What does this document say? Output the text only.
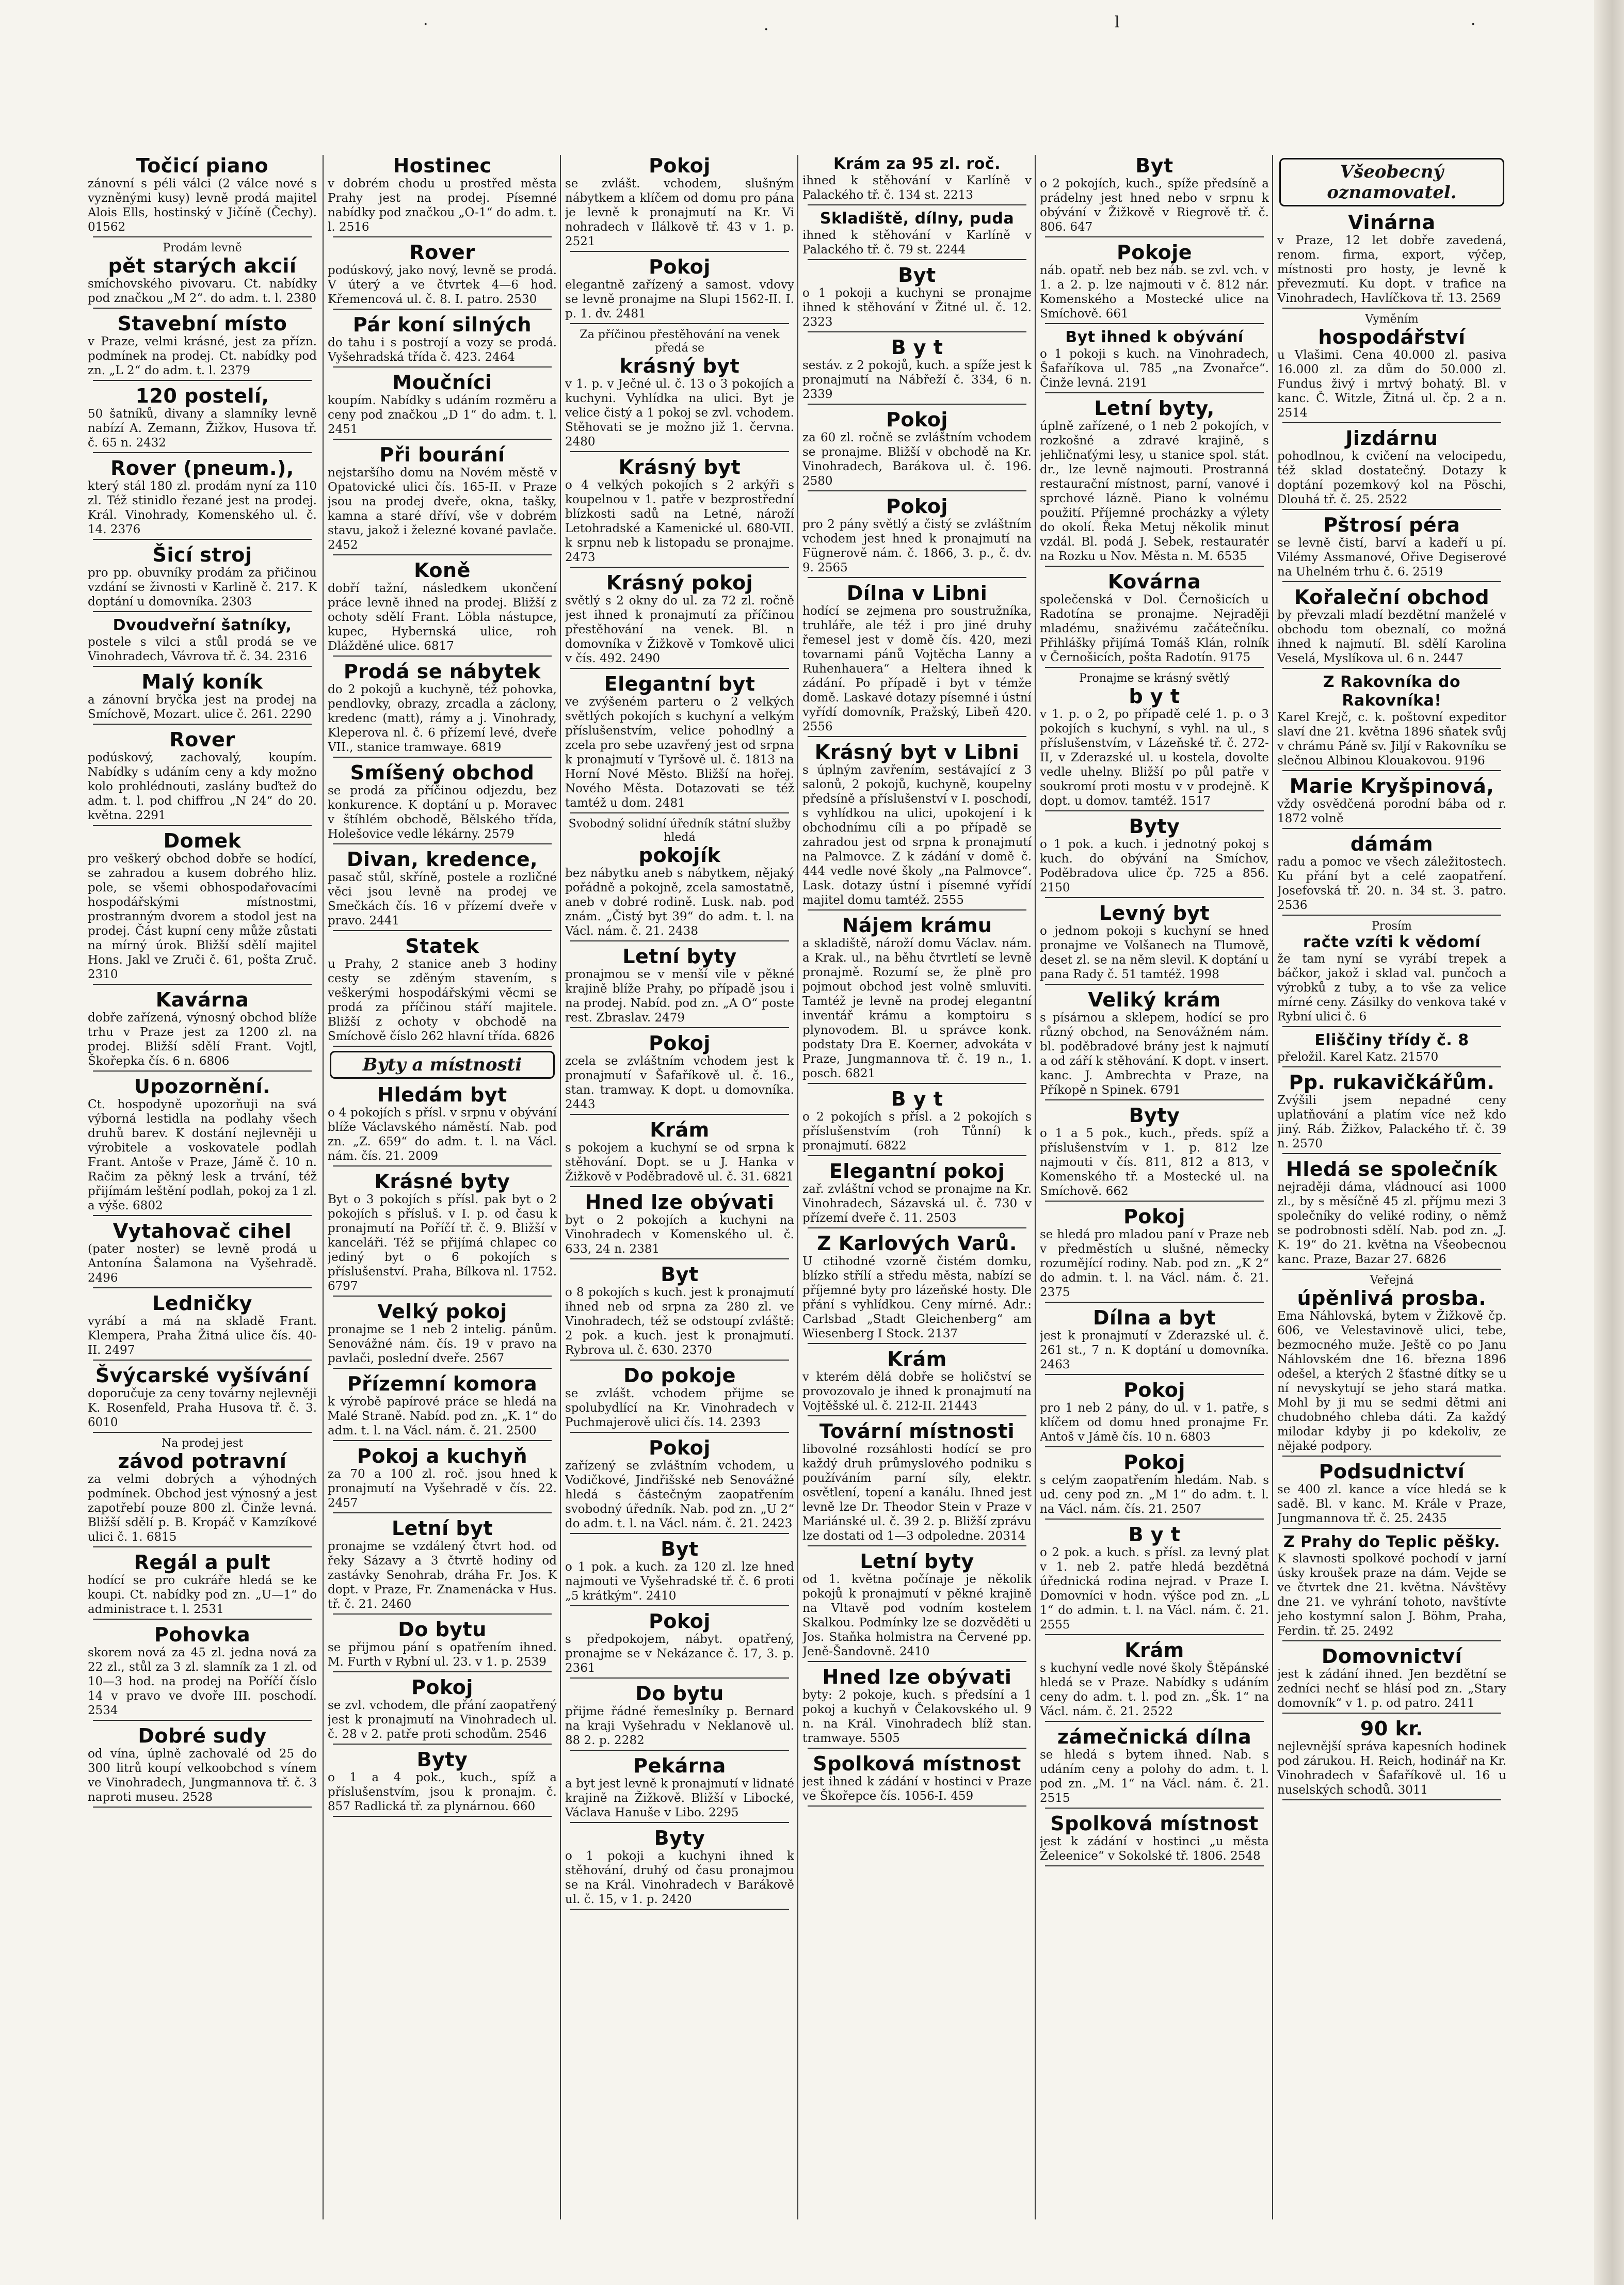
·	·	ⅼ	·
Točicí piano
zánovní s péli válci (2 válce nové s vyzněnými kusy) levně prodá majitel Alois Ells, hostinský v Jičíně (Čechy). 01562
Prodám levně
pět starých akcií
smíchovského pivovaru. Ct. nabídky pod značkou „M 2“. do adm. t. l. 2380
Stavební místo
v Praze, velmi krásné, jest za přízn. podmínek na prodej. Ct. nabídky pod zn. „L 2“ do adm. t. l. 2379
120 postelí,
50 šatníků, divany a slamníky levně nabízí A. Zemann, Žižkov, Husova tř. č. 65 n. 2432
Rover (pneum.),
který stál 180 zl. prodám nyní za 110 zl. Též stinidlo řezané jest na prodej. Král. Vinohrady, Komenského ul. č. 14. 2376
Šicí stroj
pro pp. obuvníky prodám za přičinou vzdání se živnosti v Karlině č. 217. K doptání u domovníka. 2303
Dvoudveřní šatníky,
postele s vilci a stůl prodá se ve Vinohradech, Vávrova tř. č. 34. 2316
Malý koník
a zánovní bryčka jest na prodej na Smíchově, Mozart. ulice č. 261. 2290
Rover
podúskový, zachovalý, koupím. Nabídky s udáním ceny a kdy možno kolo prohlédnouti, zaslány buďtež do adm. t. l. pod chiffrou „N 24“ do 20. května. 2291
Domek
pro veškerý obchod dobře se hodící, se zahradou a kusem dobrého hliz. pole, se všemi obhospodařovacími hospodářskými místnostmi, prostranným dvorem a stodol jest na prodej. Část kupní ceny může zůstati na mírný úrok. Bližší sdělí majitel Hons. Jakl ve Zruči č. 61, pošta Zruč. 2310
Kavárna
dobře zařízená, výnosný obchod blíže trhu v Praze jest za 1200 zl. na prodej. Bližší sdělí Frant. Vojtl, Škořepka čís. 6 n. 6806
Upozornění.
Ct. hospodyně upozorňuji na svá výborná lestidla na podlahy všech druhů barev. K dostání nejlevněji u výrobitele a voskovatele podlah Frant. Antoše v Praze, Jámě č. 10 n. Račim za pěkný lesk a trvání, též přijímám leštění podlah, pokoj za 1 zl. a výše. 6802
Vytahovač cihel
(pater noster) se levně prodá u Antonína Šalamona na Vyšehradě. 2496
Ledničky
vyrábí a má na skladě Frant. Klempera, Praha Žitná ulice čís. 40-II. 2497
Švýcarské vyšívání
doporučuje za ceny továrny nejlevněji K. Rosenfeld, Praha Husova tř. č. 3. 6010
Na prodej jest
závod potravní
za velmi dobrých a výhodných podmínek. Obchod jest výnosný a jest zapotřebí pouze 800 zl. Činže levná. Bližší sdělí p. B. Kropáč v Kamzíkové ulici č. 1. 6815
Regál a pult
hodící se pro cukráře hledá se ke koupi. Ct. nabídky pod zn. „U—1“ do administrace t. l. 2531
Pohovka
skorem nová za 45 zl. jedna nová za 22 zl., stůl za 3 zl. slamník za 1 zl. od 10—3 hod. na prodej na Poříčí číslo 14 v pravo ve dvoře III. poschodí. 2534
Dobré sudy
od vína, úplně zachovalé od 25 do 300 litrů koupí velkoobchod s vínem ve Vinohradech, Jungmannova tř. č. 3 naproti museu. 2528
Hostinec
v dobrém chodu u prostřed města Prahy jest na prodej. Písemné nabídky pod značkou „O-1“ do adm. t. l. 2516
Rover
podúskový, jako nový, levně se prodá. V úterý a ve čtvrtek 4—6 hod. Křemencová ul. č. 8. I. patro. 2530
Pár koní silných
do tahu i s postrojí a vozy se prodá. Vyšehradská třída č. 423. 2464
Moučníci
koupím. Nabídky s udáním rozměru a ceny pod značkou „D 1“ do adm. t. l. 2451
Při bourání
nejstaršího domu na Novém městě v Opatovické ulici čís. 165-II. v Praze jsou na prodej dveře, okna, tašky, kamna a staré dříví, vše v dobrém stavu, jakož i železné kované pavlače. 2452
Koně
dobří tažní, následkem ukončení práce levně ihned na prodej. Bližší z ochoty sdělí Frant. Löbla nástupce, kupec, Hybernská ulice, roh Dlážděné ulice. 6817
Prodá se nábytek
do 2 pokojů a kuchyně, též pohovka, pendlovky, obrazy, zrcadla a záclony, kredenc (matt), rámy a j. Vinohrady, Kleperova nl. č. 6 přízemí levé, dveře VII., stanice tramwaye. 6819
Smíšený obchod
se prodá za příčinou odjezdu, bez konkurence. K doptání u p. Moravec v štíhlém obchodě, Bělského třída, Holešovice vedle lékárny. 2579
Divan, kredence,
pasač stůl, skříně, postele a rozličné věci jsou levně na prodej ve Smečkách čís. 16 v přízemí dveře v pravo. 2441
Statek
u Prahy, 2 stanice aneb 3 hodiny cesty se zděným stavením, s veškerými hospodářskými věcmi se prodá za příčinou stáří majitele. Bližší z ochoty v obchodě na Smíchově číslo 262 hlavní třída. 6826
Byty a místnosti
Hledám byt
o 4 pokojích s přísl. v srpnu v obývání blíže Václavského náměstí. Nab. pod zn. „Z. 659“ do adm. t. l. na Václ. nám. čís. 21. 2009
Krásné byty
Byt o 3 pokojích s přísl. pak byt o 2 pokojích s přísluš. v I. p. od času k pronajmutí na Poříčí tř. č. 9. Bližší v kanceláři. Též se přijímá chlapec co jediný byt o 6 pokojích s příslušenství. Praha, Bílkova nl. 1752. 6797
Velký pokoj
pronajme se 1 neb 2 intelig. pánům. Senovážné nám. čís. 19 v pravo na pavlači, poslední dveře. 2567
Přízemní komora
k výrobě papírové práce se hledá na Malé Straně. Nabíd. pod zn. „K. 1“ do adm. t. l. na Václ. nám. č. 21. 2500
Pokoj a kuchyň
za 70 a 100 zl. roč. jsou hned k pronajmutí na Vyšehradě v čís. 22. 2457
Letní byt
pronajme se vzdálený čtvrt hod. od řeky Sázavy a 3 čtvrtě hodiny od zastávky Senohrab, dráha Fr. Jos. K dopt. v Praze, Fr. Znamenácka v Hus. tř. č. 21. 2460
Do bytu
se přijmou pání s opatřením ihned. M. Furth v Rybní ul. 23. v 1. p. 2539
Pokoj
se zvl. vchodem, dle přání zaopatřený jest k pronajmutí na Vinohradech ul. č. 28 v 2. patře proti schodům. 2546
Byty
o 1 a 4 pok., kuch., spíž a příslušenstvím, jsou k pronajm. č. 857 Radlická tř. za plynárnou. 660
Pokoj
se zvlášt. vchodem, slušným nábytkem a klíčem od domu pro pána je levně k pronajmutí na Kr. Vi nohradech v Ilálkově tř. 43 v 1. p. 2521
Pokoj
elegantně zařízený a samost. vdovy se levně pronajme na Slupi 1562-II. I. p. 1. dv. 2481
Za příčinou přestěhování na venek předá se
krásný byt
v 1. p. v Ječné ul. č. 13 o 3 pokojích a kuchyni. Vyhlídka na ulici. Byt je velice čistý a 1 pokoj se zvl. vchodem. Stěhovati se je možno již 1. června. 2480
Krásný byt
o 4 velkých pokojích s 2 arkýři s koupelnou v 1. patře v bezprostřední blízkosti sadů na Letné, nároží Letohradské a Kamenické ul. 680-VII. k srpnu neb k listopadu se pronajme. 2473
Krásný pokoj
světlý s 2 okny do ul. za 72 zl. ročně jest ihned k pronajmutí za příčinou přestěhování na venek. Bl. n domovníka v Žižkově v Tomkově ulici v čís. 492. 2490
Elegantní byt
ve zvýšeném parteru o 2 velkých světlých pokojích s kuchyní a velkým příslušenstvím, velice pohodlný a zcela pro sebe uzavřený jest od srpna k pronajmutí v Tyršově ul. č. 1813 na Horní Nové Město. Bližší na hořej. Nového Města. Dotazovati se též tamtéž u dom. 2481
Svobodný solidní úředník státní služby hledá
pokojík
bez nábytku aneb s nábytkem, nějaký pořádně a pokojně, zcela samostatně, aneb v dobré rodině. Lusk. nab. pod znám. „Čistý byt 39“ do adm. t. l. na Václ. nám. č. 21. 2438
Letní byty
pronajmou se v menší vile v pěkné krajině blíže Prahy, po případě jsou i na prodej. Nabíd. pod zn. „A O“ poste rest. Zbraslav. 2479
Pokoj
zcela se zvláštním vchodem jest k pronajmutí v Šafaříkově ul. č. 16., stan. tramway. K dopt. u domovníka. 2443
Krám
s pokojem a kuchyní se od srpna k stěhování. Dopt. se u J. Hanka v Žižkově v Poděbradově ul. č. 31. 6821
Hned lze obývati
byt o 2 pokojích a kuchyni na Vinohradech v Komenského ul. č. 633, 24 n. 2381
Byt
o 8 pokojích s kuch. jest k pronajmutí ihned neb od srpna za 280 zl. ve Vinohradech, též se odstoupí zvláště: 2 pok. a kuch. jest k pronajmutí. Rybrova ul. č. 630. 2370
Do pokoje
se zvlášt. vchodem přijme se spolubydlící na Kr. Vinohradech v Puchmajerově ulici čís. 14. 2393
Pokoj
zařízený se zvláštním vchodem, u Vodičkové, Jindřišské neb Senovážné hledá s částečným zaopatřením svobodný úředník. Nab. pod zn. „U 2“ do adm. t. l. na Václ. nám. č. 21. 2423
Byt
o 1 pok. a kuch. za 120 zl. lze hned najmouti ve Vyšehradské tř. č. 6 proti „5 krátkým“. 2410
Pokoj
s předpokojem, nábyt. opatřený, pronajme se v Nekázance č. 17, 3. p. 2361
Do bytu
přijme řádné řemeslníky p. Bernard na kraji Vyšehradu v Neklanově ul. 88 2. p. 2282
Pekárna
a byt jest levně k pronajmutí v lidnaté krajině na Žižkově. Bližší v Libocké, Václava Hanuše v Libo. 2295
Byty
o 1 pokoji a kuchyni ihned k stěhování, druhý od času pronajmou se na Král. Vinohradech v Barákově ul. č. 15, v 1. p. 2420
Krám za 95 zl. roč.
ihned k stěhování v Karlíně v Palackého tř. č. 134 st. 2213
Skladiště, dílny, puda
ihned k stěhování v Karlíně v Palackého tř. č. 79 st. 2244
Byt
o 1 pokoji a kuchyni se pronajme ihned k stěhování v Žitné ul. č. 12. 2323
B y t
sestáv. z 2 pokojů, kuch. a spíže jest k pronajmutí na Nábřeží č. 334, 6 n. 2339
Pokoj
za 60 zl. ročně se zvláštním vchodem se pronajme. Bližší v obchodě na Kr. Vinohradech, Barákova ul. č. 196. 2580
Pokoj
pro 2 pány světlý a čistý se zvláštním vchodem jest hned k pronajmutí na Fügnerově nám. č. 1866, 3. p., č. dv. 9. 2565
Dílna v Libni
hodící se zejmena pro soustružníka, truhláře, ale též i pro jiné druhy řemesel jest v domě čís. 420, mezi tovarnami pánů Vojtěcha Lanny a Ruhenhauera“ a Heltera ihned k zádání. Po případě i byt v témže domě. Laskavé dotazy písemné i ústní vyřídí domovník, Pražský, Libeň 420. 2556
Krásný byt v Libni
s úplným zavřením, sestávající z 3 salonů, 2 pokojů, kuchyně, koupelny předsíně a příslušenství v I. poschodí, s vyhlídkou na ulici, upokojení i k obchodnímu cíli a po případě se zahradou jest od srpna k pronajmutí na Palmovce. Z k zádání v domě č. 444 vedle nové školy „na Palmovce“. Lask. dotazy ústní i písemné vyřídí majitel domu tamtéž. 2555
Nájem krámu
a skladiště, nároží domu Václav. nám. a Krak. ul., na běhu čtvrtletí se levně pronajmě. Rozumí se, že plně pro pojmout obchod jest volně smluviti. Tamtéž je levně na prodej elegantní inventář krámu a komptoiru s plynovodem. Bl. u správce konk. podstaty Dra E. Koerner, advokáta v Praze, Jungmannova tř. č. 19 n., 1. posch. 6821
B y t
o 2 pokojích s přísl. a 2 pokojích s příslušenstvím (roh Tůnní) k pronajmutí. 6822
Elegantní pokoj
zař. zvláštní vchod se pronajme na Kr. Vinohradech, Sázavská ul. č. 730 v přízemí dveře č. 11. 2503
Z Karlových Varů.
U ctihodné vzorně čistém domku, blízko střílí a středu města, nabízí se příjemné byty pro lázeňské hosty. Dle přání s vyhlídkou. Ceny mírné. Adr.: Carlsbad „Stadt Gleichenberg“ am Wiesenberg I Stock. 2137
Krám
v kterém dělá dobře se holičství se provozovalo je ihned k pronajmutí na Vojtěšské ul. č. 212-II. 21443
Tovární místnosti
libovolné rozsáhlosti hodící se pro každý druh průmyslového podniku s používáním parní síly, elektr. osvětlení, topení a kanálu. Ihned jest levně lze Dr. Theodor Stein v Praze v Mariánské ul. č. 39 2. p. Bližší zprávu lze dostati od 1—3 odpoledne. 20314
Letní byty
od 1. května počínaje je několik pokojů k pronajmutí v pěkné krajině na Vltavě pod vodním kostelem Skalkou. Podmínky lze se dozvěděti u Jos. Staňka holmistra na Červené pp. Jeně-Šandovně. 2410
Hned lze obývati
byty: 2 pokoje, kuch. s předsíní a 1 pokoj a kuchyň v Čelakovského ul. 9 n. na Král. Vinohradech blíž stan. tramwaye. 5505
Spolková místnost
jest ihned k zádání v hostinci v Praze ve Škořepce čís. 1056-I. 459
Byt
o 2 pokojích, kuch., spíže předsíně a prádelny jest hned nebo v srpnu k obývání v Žižkově v Riegrově tř. č. 806. 647
Pokoje
náb. opatř. neb bez náb. se zvl. vch. v 1. a 2. p. lze najmouti v č. 812 nár. Komenského a Mostecké ulice na Smíchově. 661
Byt ihned k obývání
o 1 pokoji s kuch. na Vinohradech, Šafaříkova ul. 785 „na Zvonařce“. Činže levná. 2191
Letní byty,
úplně zařízené, o 1 neb 2 pokojích, v rozkošné a zdravé krajině, s jehličnaťými lesy, u stanice spol. stát. dr., lze levně najmouti. Prostranná restaurační místnost, parní, vanové i sprchové lázně. Piano k volnému použití. Příjemné procházky a výlety do okolí. Řeka Metuj několik minut vzdál. Bl. podá J. Sebek, restauratér na Rozku u Nov. Města n. M. 6535
Kovárna
společenská v Dol. Černošicích u Radotína se pronajme. Nejraději mladému, snaživému začátečníku. Přihlášky přijímá Tomáš Klán, rolník v Černošicích, pošta Radotín. 9175
Pronajme se krásný světlý
b y t
v 1. p. o 2, po případě celé 1. p. o 3 pokojích s kuchyní, s vyhl. na ul., s příslušenstvím, v Lázeňské tř. č. 272-II, v Zderazské ul. u kostela, dovolte vedle uhelny. Bližší po půl patře v soukromí proti mostu v v prodejně. K dopt. u domov. tamtéž. 1517
Byty
o 1 pok. a kuch. i jednotný pokoj s kuch. do obývání na Smíchov, Poděbradova ulice čp. 725 a 856. 2150
Levný byt
o jednom pokoji s kuchyní se hned pronajme ve Volšanech na Tlumově, deset zl. se na něm slevil. K doptání u pana Rady č. 51 tamtéž. 1998
Veliký krám
s písárnou a sklepem, hodící se pro různý obchod, na Senovážném nám. bl. poděbradové brány jest k najmutí a od září k stěhování. K dopt. v insert. kanc. J. Ambrechta v Praze, na Příkopě n Spinek. 6791
Byty
o 1 a 5 pok., kuch., předs. spíž a příslušenstvím v 1. p. 812 lze najmouti v čís. 811, 812 a 813, v Komenského tř. a Mostecké ul. na Smíchově. 662
Pokoj
se hledá pro mladou paní v Praze neb v předměstích u slušné, německy rozumějící rodiny. Nab. pod zn. „K 2“ do admin. t. l. na Václ. nám. č. 21. 2375
Dílna a byt
jest k pronajmutí v Zderazské ul. č. 261 st., 7 n. K doptání u domovníka. 2463
Pokoj
pro 1 neb 2 pány, do ul. v 1. patře, s klíčem od domu hned pronajme Fr. Antoš v Jámě čís. 10 n. 6803
Pokoj
s celým zaopatřením hledám. Nab. s ud. ceny pod zn. „M 1“ do adm. t. l. na Václ. nám. čís. 21. 2507
B y t
o 2 pok. a kuch. s přísl. za levný plat v 1. neb 2. patře hledá bezdětná úřednická rodina nejrad. v Praze I. Domovníci v hodn. výšce pod zn. „L 1“ do admin. t. l. na Václ. nám. č. 21. 2555
Krám
s kuchyní vedle nové školy Štěpánské hledá se v Praze. Nabídky s udáním ceny do adm. t. l. pod zn. „Šk. 1“ na Václ. nám. č. 21. 2522
zámečnická dílna
se hledá s bytem ihned. Nab. s udáním ceny a polohy do adm. t. l. pod zn. „M. 1“ na Václ. nám. č. 21. 2515
Spolková místnost
jest k zádání v hostinci „u města Želeenice“ v Sokolské tř. 1806. 2548
Všeobecný oznamovatel.
Vinárna
v Praze, 12 let dobře zavedená, renom. firma, export, výčep, místnosti pro hosty, je levně k převezmutí. Ku dopt. v trafice na Vinohradech, Havlíčkova tř. 13. 2569
Vyměním
hospodářství
u Vlašimi. Cena 40.000 zl. pasiva 16.000 zl. za dům do 50.000 zl. Fundus živý i mrtvý bohatý. Bl. v kanc. Č. Witzle, Žitná ul. čp. 2 a n. 2514
Jizdárnu
pohodlnou, k cvičení na velocipedu, též sklad dostatečný. Dotazy k doptání pozemkový kol na Pöschi, Dlouhá tř. č. 25. 2522
Pštrosí péra
se levně čistí, barví a kadeří u pí. Vilémy Assmanové, Ořive Degiserové na Uhelném trhu č. 6. 2519
Kořaleční obchod
by převzali mladí bezdětní manželé v obchodu tom obeznalí, co možná ihned k najmutí. Bl. sdělí Karolina Veselá, Myslíkova ul. 6 n. 2447
Z Rakovníka do Rakovníka!
Karel Krejč, c. k. poštovní expeditor slaví dne 21. května 1896 sňatek svůj v chrámu Páně sv. Jiljí v Rakovníku se slečnou Albinou Klouakovou. 9196
Marie Kryšpinová,
vždy osvědčená porodní bába od r. 1872 volně
dámám
radu a pomoc ve všech záležitostech. Ku přání byt a celé zaopatření. Josefovská tř. 20. n. 34 st. 3. patro. 2536
Prosím
račte vzíti k vědomí
že tam nyní se vyrábí trepek a báčkor, jakož i sklad val. punčoch a výrobků z tuby, a to vše za velice mírné ceny. Zásilky do venkova také v Rybní ulici č. 6
Eliščiny třídy č. 8
přeložil. Karel Katz. 21570
Pp. rukavičkářům.
Zvýšili jsem nepadné ceny uplatňování a platím více než kdo jiný. Ráb. Žižkov, Palackého tř. č. 39 n. 2570
Hledá se společník
nejraději dáma, vládnoucí asi 1000 zl., by s měsíčně 45 zl. příjmu mezi 3 společníky do veliké rodiny, o němž se podrobnosti sdělí. Nab. pod zn. „J. K. 19“ do 21. května na Všeobecnou kanc. Praze, Bazar 27. 6826
Veřejná
úpěnlivá prosba.
Ema Náhlovská, bytem v Žižkově čp. 606, ve Velestavinově ulici, tebe, bezmocného muže. Ještě co po Janu Náhlovském dne 16. března 1896 odešel, a kterých 2 šťastné dítky se u ní nevyskytují se jeho stará matka. Mohl by ji mu se sedmi dětmi ani chudobného chleba dáti. Za každý milodar kdyby ji po kdekoliv, ze nějaké podpory.
Podsudnictví
se 400 zl. kance a více hledá se k sadě. Bl. v kanc. M. Krále v Praze, Jungmannova tř. č. 25. 2435
Z Prahy do Teplic pěšky.
K slavnosti spolkové pochodí v jarní úsky kroušek praze na dám. Vejde se ve čtvrtek dne 21. května. Návštěvy dne 21. ve vyhrání tohoto, navštívte jeho kostymní salon J. Böhm, Praha, Ferdin. tř. 25. 2492
Domovnictví
jest k zádání ihned. Jen bezdětní se zedníci nechť se hlásí pod zn. „Stary domovník“ v 1. p. od patro. 2411
90 kr.
nejlevnější správa kapesních hodinek pod zárukou. H. Reich, hodinář na Kr. Vinohradech v Šafaříkově ul. 16 u nuselských schodů. 3011
